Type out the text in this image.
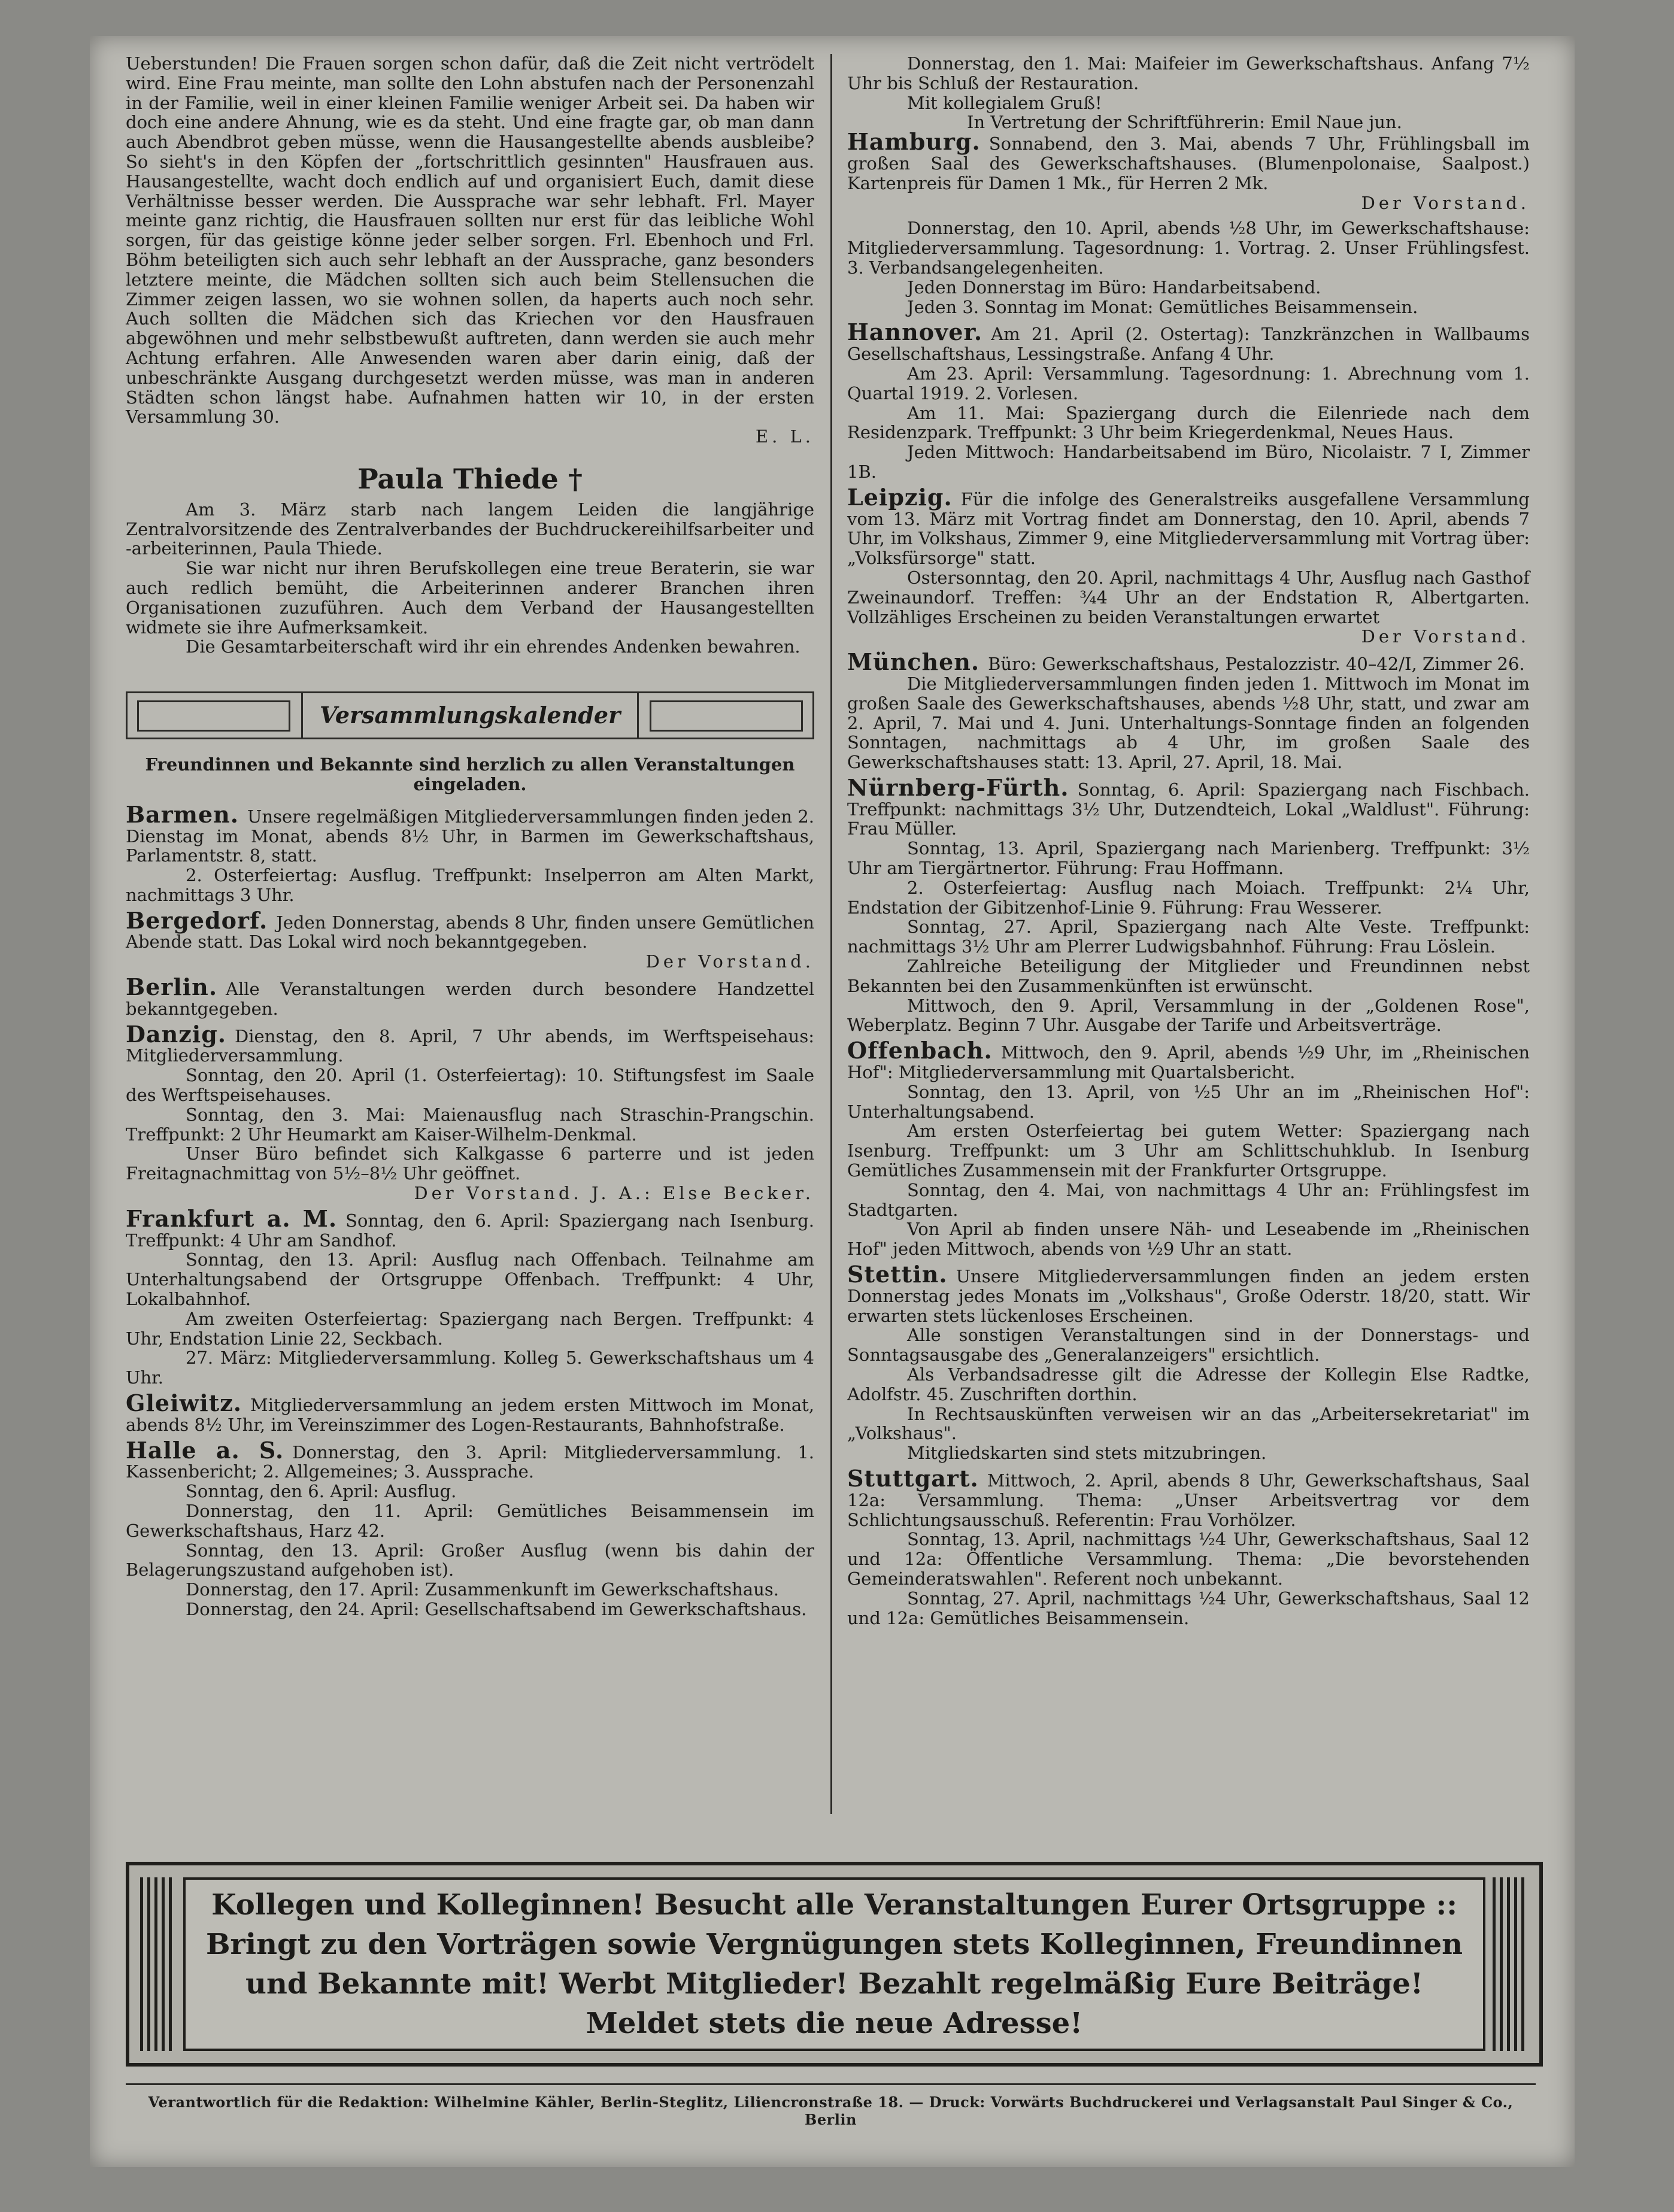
Ueberstunden! Die Frauen sorgen schon dafür, daß die Zeit nicht vertrödelt wird. Eine Frau meinte, man sollte den Lohn abstufen nach der Personenzahl in der Familie, weil in einer kleinen Familie weniger Arbeit sei. Da haben wir doch eine andere Ahnung, wie es da steht. Und eine fragte gar, ob man dann auch Abendbrot geben müsse, wenn die Hausangestellte abends ausbleibe? So sieht's in den Köpfen der „fortschrittlich gesinnten" Hausfrauen aus. Hausangestellte, wacht doch endlich auf und organisiert Euch, damit diese Verhältnisse besser werden. Die Aussprache war sehr lebhaft. Frl. Mayer meinte ganz richtig, die Hausfrauen sollten nur erst für das leibliche Wohl sorgen, für das geistige könne jeder selber sorgen. Frl. Ebenhoch und Frl. Böhm beteiligten sich auch sehr lebhaft an der Aussprache, ganz besonders letztere meinte, die Mädchen sollten sich auch beim Stellensuchen die Zimmer zeigen lassen, wo sie wohnen sollen, da haperts auch noch sehr. Auch sollten die Mädchen sich das Kriechen vor den Hausfrauen abgewöhnen und mehr selbstbewußt auftreten, dann werden sie auch mehr Achtung erfahren. Alle Anwesenden waren aber darin einig, daß der unbeschränkte Ausgang durchgesetzt werden müsse, was man in anderen Städten schon längst habe. Aufnahmen hatten wir 10, in der ersten Versammlung 30.

E. L.

Paula Thiede †

Am 3. März starb nach langem Leiden die langjährige Zentralvorsitzende des Zentralverbandes der Buchdruckereihilfsarbeiter und -arbeiterinnen, Paula Thiede.

Sie war nicht nur ihren Berufskollegen eine treue Beraterin, sie war auch redlich bemüht, die Arbeiterinnen anderer Branchen ihren Organisationen zuzuführen. Auch dem Verband der Hausangestellten widmete sie ihre Aufmerksamkeit.

Die Gesamtarbeiterschaft wird ihr ein ehrendes Andenken bewahren.

Versammlungskalender

Freundinnen und Bekannte sind herzlich zu allen Veranstaltungen eingeladen.

Barmen. Unsere regelmäßigen Mitgliederversammlungen finden jeden 2. Dienstag im Monat, abends 8½ Uhr, in Barmen im Gewerkschaftshaus, Parlamentstr. 8, statt.

2. Osterfeiertag: Ausflug. Treffpunkt: Inselperron am Alten Markt, nachmittags 3 Uhr.

Bergedorf. Jeden Donnerstag, abends 8 Uhr, finden unsere Gemütlichen Abende statt. Das Lokal wird noch bekanntgegeben.

Der Vorstand.

Berlin. Alle Veranstaltungen werden durch besondere Handzettel bekanntgegeben.

Danzig. Dienstag, den 8. April, 7 Uhr abends, im Werftspeisehaus: Mitgliederversammlung.

Sonntag, den 20. April (1. Osterfeiertag): 10. Stiftungsfest im Saale des Werftspeisehauses.

Sonntag, den 3. Mai: Maienausflug nach Straschin-Prangschin. Treffpunkt: 2 Uhr Heumarkt am Kaiser-Wilhelm-Denkmal.

Unser Büro befindet sich Kalkgasse 6 parterre und ist jeden Freitagnachmittag von 5½–8½ Uhr geöffnet.

Der Vorstand. J. A.: Else Becker.

Frankfurt a. M. Sonntag, den 6. April: Spaziergang nach Isenburg. Treffpunkt: 4 Uhr am Sandhof.

Sonntag, den 13. April: Ausflug nach Offenbach. Teilnahme am Unterhaltungsabend der Ortsgruppe Offenbach. Treffpunkt: 4 Uhr, Lokalbahnhof.

Am zweiten Osterfeiertag: Spaziergang nach Bergen. Treffpunkt: 4 Uhr, Endstation Linie 22, Seckbach.

27. März: Mitgliederversammlung. Kolleg 5. Gewerkschaftshaus um 4 Uhr.

Gleiwitz. Mitgliederversammlung an jedem ersten Mittwoch im Monat, abends 8½ Uhr, im Vereinszimmer des Logen-Restaurants, Bahnhofstraße.

Halle a. S. Donnerstag, den 3. April: Mitgliederversammlung. 1. Kassenbericht; 2. Allgemeines; 3. Aussprache.

Sonntag, den 6. April: Ausflug.

Donnerstag, den 11. April: Gemütliches Beisammensein im Gewerkschaftshaus, Harz 42.

Sonntag, den 13. April: Großer Ausflug (wenn bis dahin der Belagerungszustand aufgehoben ist).

Donnerstag, den 17. April: Zusammenkunft im Gewerkschaftshaus.

Donnerstag, den 24. April: Gesellschaftsabend im Gewerkschaftshaus.

Donnerstag, den 1. Mai: Maifeier im Gewerkschaftshaus. Anfang 7½ Uhr bis Schluß der Restauration.

Mit kollegialem Gruß!

In Vertretung der Schriftführerin: Emil Naue jun.

Hamburg. Sonnabend, den 3. Mai, abends 7 Uhr, Frühlingsball im großen Saal des Gewerkschaftshauses. (Blumenpolonaise, Saalpost.) Kartenpreis für Damen 1 Mk., für Herren 2 Mk.

Der Vorstand.

Donnerstag, den 10. April, abends ½8 Uhr, im Gewerkschaftshause: Mitgliederversammlung. Tagesordnung: 1. Vortrag. 2. Unser Frühlingsfest. 3. Verbandsangelegenheiten.

Jeden Donnerstag im Büro: Handarbeitsabend.

Jeden 3. Sonntag im Monat: Gemütliches Beisammensein.

Hannover. Am 21. April (2. Ostertag): Tanzkränzchen in Wallbaums Gesellschaftshaus, Lessingstraße. Anfang 4 Uhr.

Am 23. April: Versammlung. Tagesordnung: 1. Abrechnung vom 1. Quartal 1919. 2. Vorlesen.

Am 11. Mai: Spaziergang durch die Eilenriede nach dem Residenzpark. Treffpunkt: 3 Uhr beim Kriegerdenkmal, Neues Haus.

Jeden Mittwoch: Handarbeitsabend im Büro, Nicolaistr. 7 I, Zimmer 1B.

Leipzig. Für die infolge des Generalstreiks ausgefallene Versammlung vom 13. März mit Vortrag findet am Donnerstag, den 10. April, abends 7 Uhr, im Volkshaus, Zimmer 9, eine Mitgliederversammlung mit Vortrag über: „Volksfürsorge" statt.

Ostersonntag, den 20. April, nachmittags 4 Uhr, Ausflug nach Gasthof Zweinaundorf. Treffen: ¾4 Uhr an der Endstation R, Albertgarten. Vollzähliges Erscheinen zu beiden Veranstaltungen erwartet

Der Vorstand.

München. Büro: Gewerkschaftshaus, Pestalozzistr. 40–42/I, Zimmer 26.

Die Mitgliederversammlungen finden jeden 1. Mittwoch im Monat im großen Saale des Gewerkschaftshauses, abends ½8 Uhr, statt, und zwar am 2. April, 7. Mai und 4. Juni. Unterhaltungs-Sonntage finden an folgenden Sonntagen, nachmittags ab 4 Uhr, im großen Saale des Gewerkschaftshauses statt: 13. April, 27. April, 18. Mai.

Nürnberg-Fürth. Sonntag, 6. April: Spaziergang nach Fischbach. Treffpunkt: nachmittags 3½ Uhr, Dutzendteich, Lokal „Waldlust". Führung: Frau Müller.

Sonntag, 13. April, Spaziergang nach Marienberg. Treffpunkt: 3½ Uhr am Tiergärtnertor. Führung: Frau Hoffmann.

2. Osterfeiertag: Ausflug nach Moiach. Treffpunkt: 2¼ Uhr, Endstation der Gibitzenhof-Linie 9. Führung: Frau Wesserer.

Sonntag, 27. April, Spaziergang nach Alte Veste. Treffpunkt: nachmittags 3½ Uhr am Plerrer Ludwigsbahnhof. Führung: Frau Löslein.

Zahlreiche Beteiligung der Mitglieder und Freundinnen nebst Bekannten bei den Zusammenkünften ist erwünscht.

Mittwoch, den 9. April, Versammlung in der „Goldenen Rose", Weberplatz. Beginn 7 Uhr. Ausgabe der Tarife und Arbeitsverträge.

Offenbach. Mittwoch, den 9. April, abends ½9 Uhr, im „Rheinischen Hof": Mitgliederversammlung mit Quartalsbericht.

Sonntag, den 13. April, von ½5 Uhr an im „Rheinischen Hof": Unterhaltungsabend.

Am ersten Osterfeiertag bei gutem Wetter: Spaziergang nach Isenburg. Treffpunkt: um 3 Uhr am Schlittschuhklub. In Isenburg Gemütliches Zusammensein mit der Frankfurter Ortsgruppe.

Sonntag, den 4. Mai, von nachmittags 4 Uhr an: Frühlingsfest im Stadtgarten.

Von April ab finden unsere Näh- und Leseabende im „Rheinischen Hof" jeden Mittwoch, abends von ½9 Uhr an statt.

Stettin. Unsere Mitgliederversammlungen finden an jedem ersten Donnerstag jedes Monats im „Volkshaus", Große Oderstr. 18/20, statt. Wir erwarten stets lückenloses Erscheinen.

Alle sonstigen Veranstaltungen sind in der Donnerstags- und Sonntagsausgabe des „Generalanzeigers" ersichtlich.

Als Verbandsadresse gilt die Adresse der Kollegin Else Radtke, Adolfstr. 45. Zuschriften dorthin.

In Rechtsauskünften verweisen wir an das „Arbeitersekretariat" im „Volkshaus".

Mitgliedskarten sind stets mitzubringen.

Stuttgart. Mittwoch, 2. April, abends 8 Uhr, Gewerkschaftshaus, Saal 12a: Versammlung. Thema: „Unser Arbeitsvertrag vor dem Schlichtungsausschuß. Referentin: Frau Vorhölzer.

Sonntag, 13. April, nachmittags ½4 Uhr, Gewerkschaftshaus, Saal 12 und 12a: Öffentliche Versammlung. Thema: „Die bevorstehenden Gemeinderatswahlen". Referent noch unbekannt.

Sonntag, 27. April, nachmittags ½4 Uhr, Gewerkschaftshaus, Saal 12 und 12a: Gemütliches Beisammensein.

Kollegen und Kolleginnen! Besucht alle Veranstaltungen Eurer Ortsgruppe :: Bringt zu den Vorträgen sowie Vergnügungen stets Kolleginnen, Freundinnen und Bekannte mit! Werbt Mitglieder! Bezahlt regelmäßig Eure Beiträge! Meldet stets die neue Adresse!
Verantwortlich für die Redaktion: Wilhelmine Kähler, Berlin-Steglitz, Liliencronstraße 18. — Druck: Vorwärts Buchdruckerei und Verlagsanstalt Paul Singer & Co., Berlin
